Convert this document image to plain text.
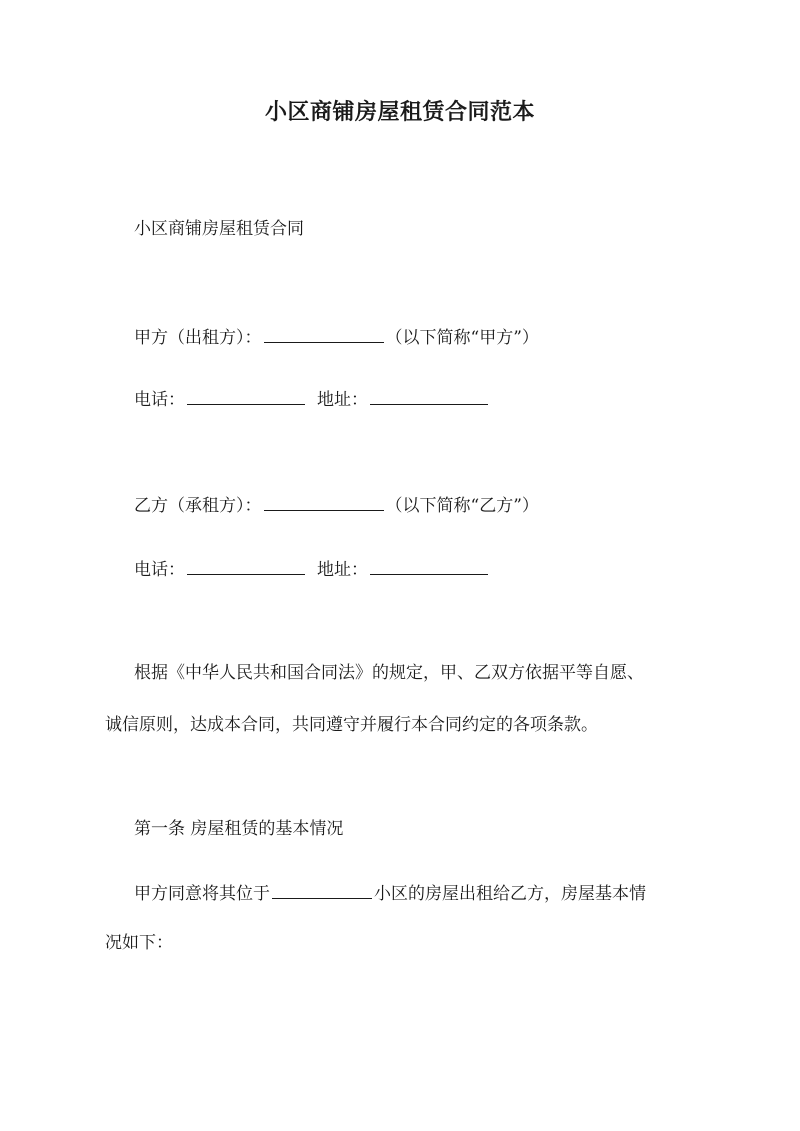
小区商铺房屋租赁合同范本
小区商铺房屋租赁合同
甲方（出租方）：	（以下简称“甲方”）
电话：	地址：
乙方（承租方）：	（以下简称“乙方”）
电话：	地址：
根据《中华人民共和国合同法》的规定，甲、乙双方依据平等自愿、
诚信原则，达成本合同，共同遵守并履行本合同约定的各项条款。
第一条 房屋租赁的基本情况
甲方同意将其位于	小区的房屋出租给乙方，房屋基本情
况如下：
